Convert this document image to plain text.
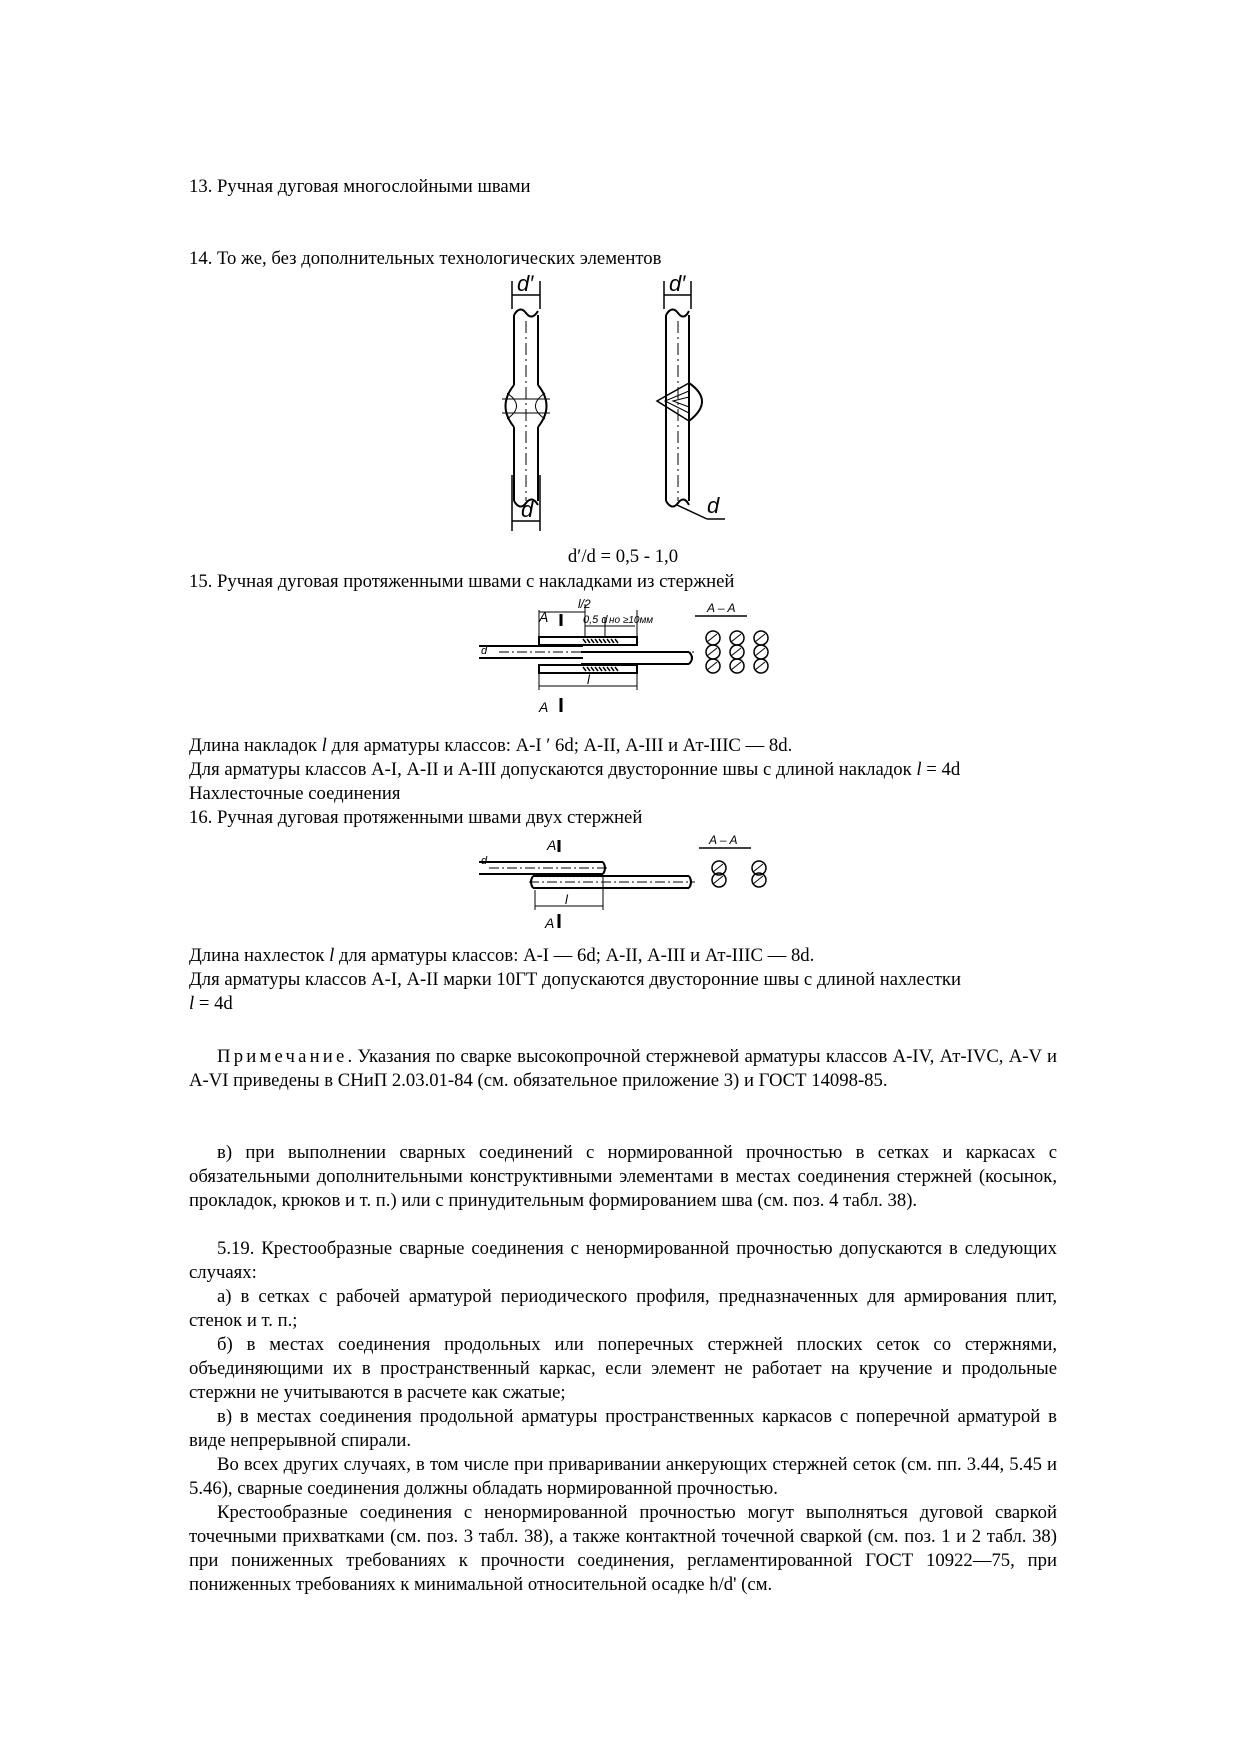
13. Ручная дуговая многослойными швами
14. То же, без дополнительных технологических элементов
d′	d′
d	d
d′/d = 0,5 - 1,0
15. Ручная дуговая протяженными швами с накладками из стержней
A
A
l/2
0,5 d но ≥10мм
A – A
d
l
Длина накладок l для арматуры классов: А-I ′ 6d; А-II, А-III и Ат-IIIС — 8d.
Для арматуры классов А-I, А-II и А-III допускаются двусторонние швы с длиной накладок l = 4d
Нахлесточные соединения
16. Ручная дуговая протяженными швами двух стержней
A
A
d
l
A – A
Длина нахлесток l для арматуры классов: А-I — 6d; А-II, А-III и Ат-IIIС — 8d.
Для арматуры классов А-I, А-II марки 10ГТ допускаются двусторонние швы с длиной нахлестки
l = 4d

Примечание. Указания по сварке высокопрочной стержневой арматуры классов А-IV, Ат-IVС, А-V и А-VI приведены в СНиП 2.03.01-84 (см. обязательное приложение 3) и ГОСТ 14098-85.

в) при выполнении сварных соединений с нормированной прочностью в сетках и каркасах с обязательными дополнительными конструктивными элементами в местах соединения стержней (косынок, прокладок, крюков и т. п.) или с принудительным формированием шва (см. поз. 4 табл. 38).

5.19. Крестообразные сварные соединения с ненормированной прочностью допускаются в следующих случаях:

а) в сетках с рабочей арматурой периодического профиля, предназначенных для армирования плит, стенок и т. п.;

б) в местах соединения продольных или поперечных стержней плоских сеток со стержнями, объединяющими их в пространственный каркас, если элемент не работает на кручение и продольные стержни не учитываются в расчете как сжатые;

в) в местах соединения продольной арматуры пространственных каркасов с поперечной арматурой в виде непрерывной спирали.

Во всех других случаях, в том числе при приваривании анкерующих стержней сеток (см. пп. 3.44, 5.45 и 5.46), сварные соединения должны обладать нормированной прочностью.

Крестообразные соединения с ненормированной прочностью могут выполняться дуговой сваркой точечными прихватками (см. поз. 3 табл. 38), а также контактной точечной сваркой (см. поз. 1 и 2 табл. 38) при пониженных требованиях к прочности соединения, регламентированной ГОСТ 10922—75, при пониженных требованиях к минимальной относительной осадке h/d' (см.
